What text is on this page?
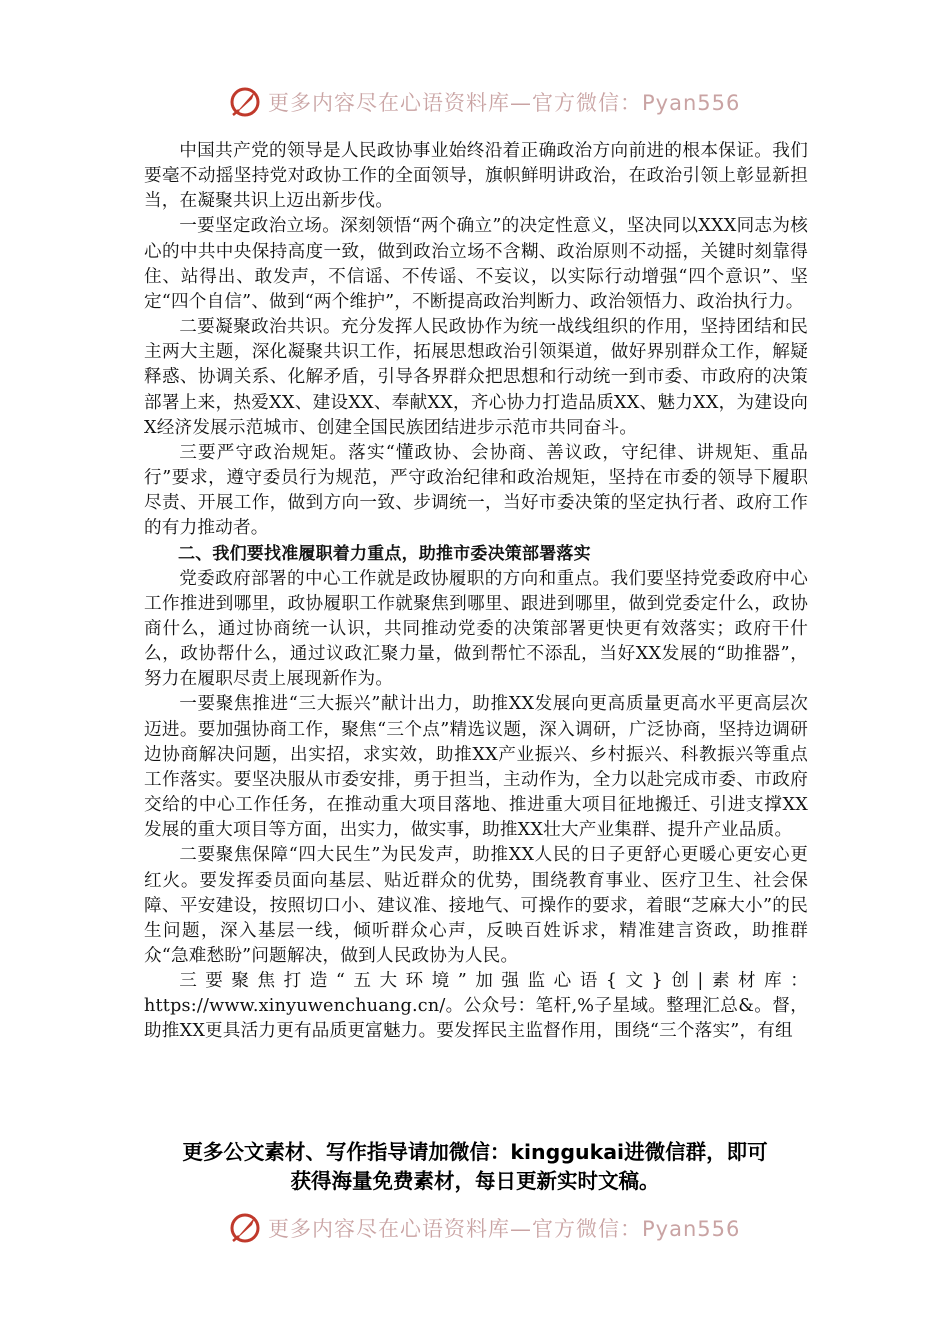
更多内容尽在心语资料库—官方微信：Pyan556

中国共产党的领导是人民政协事业始终沿着正确政治方向前进的根本保证。我们要毫不动摇坚持党对政协工作的全面领导，旗帜鲜明讲政治，在政治引领上彰显新担当，在凝聚共识上迈出新步伐。

一要坚定政治立场。深刻领悟“两个确立”的决定性意义，坚决同以XXX同志为核心的中共中央保持高度一致，做到政治立场不含糊、政治原则不动摇，关键时刻靠得住、站得出、敢发声，不信谣、不传谣、不妄议，以实际行动增强“四个意识”、坚定“四个自信”、做到“两个维护”，不断提高政治判断力、政治领悟力、政治执行力。

二要凝聚政治共识。充分发挥人民政协作为统一战线组织的作用，坚持团结和民主两大主题，深化凝聚共识工作，拓展思想政治引领渠道，做好界别群众工作，解疑释惑、协调关系、化解矛盾，引导各界群众把思想和行动统一到市委、市政府的决策部署上来，热爱XX、建设XX、奉献XX，齐心协力打造品质XX、魅力XX，为建设向X经济发展示范城市、创建全国民族团结进步示范市共同奋斗。

三要严守政治规矩。落实“懂政协、会协商、善议政，守纪律、讲规矩、重品行”要求，遵守委员行为规范，严守政治纪律和政治规矩，坚持在市委的领导下履职尽责、开展工作，做到方向一致、步调统一，当好市委决策的坚定执行者、政府工作的有力推动者。

二、我们要找准履职着力重点，助推市委决策部署落实

党委政府部署的中心工作就是政协履职的方向和重点。我们要坚持党委政府中心工作推进到哪里，政协履职工作就聚焦到哪里、跟进到哪里，做到党委定什么，政协商什么，通过协商统一认识，共同推动党委的决策部署更快更有效落实；政府干什么，政协帮什么，通过议政汇聚力量，做到帮忙不添乱，当好XX发展的“助推器”，努力在履职尽责上展现新作为。

一要聚焦推进“三大振兴”献计出力，助推XX发展向更高质量更高水平更高层次迈进。要加强协商工作，聚焦“三个点”精选议题，深入调研，广泛协商，坚持边调研边协商解决问题，出实招，求实效，助推XX产业振兴、乡村振兴、科教振兴等重点工作落实。要坚决服从市委安排，勇于担当，主动作为，全力以赴完成市委、市政府交给的中心工作任务，在推动重大项目落地、推进重大项目征地搬迁、引进支撑XX发展的重大项目等方面，出实力，做实事，助推XX壮大产业集群、提升产业品质。

二要聚焦保障“四大民生”为民发声，助推XX人民的日子更舒心更暖心更安心更红火。要发挥委员面向基层、贴近群众的优势，围绕教育事业、医疗卫生、社会保障、平安建设，按照切口小、建议准、接地气、可操作的要求，着眼“芝麻大小”的民生问题，深入基层一线，倾听群众心声，反映百姓诉求，精准建言资政，助推群众“急难愁盼”问题解决，做到人民政协为人民。

三要聚焦打造“五大环境”加强监心语{文}创|素材库：https://www.xinyuwenchuang.cn/。公众号：笔杆,%子星域。整理汇总&。督，助推XX更具活力更有品质更富魅力。要发挥民主监督作用，围绕“三个落实”，有组

更多公文素材、写作指导请加微信：kinggukai进微信群，即可
获得海量免费素材，每日更新实时文稿。
更多内容尽在心语资料库—官方微信：Pyan556
